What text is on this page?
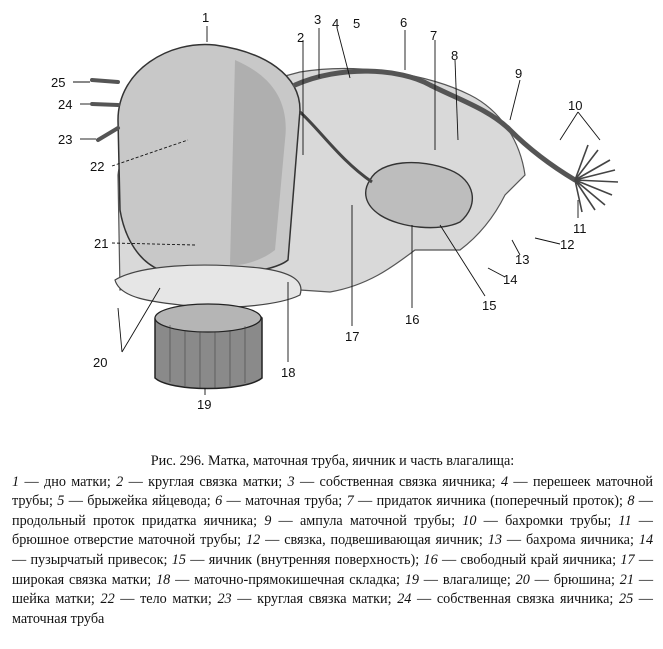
1
2
3 4 5	6
7
8
9
10
11
12
13
14
15
16
17
18
19
20
21
22
23
24
25
Рис. 296. Матка, маточная труба, яичник и часть влагалища:

1 — дно матки; 2 — круглая связка матки; 3 — собственная связка яичника; 4 — перешеек маточной трубы; 5 — брыжейка яйцевода; 6 — маточная труба; 7 — придаток яичника (поперечный проток); 8 — продольный проток придатка яичника; 9 — ампула маточной трубы; 10 — бахромки трубы; 11 — брюшное отверстие маточной трубы; 12 — связка, подвешивающая яичник; 13 — бахрома яичника; 14 — пузырчатый привесок; 15 — яичник (внутренняя поверхность); 16 — свободный край яичника; 17 — широкая связка матки; 18 — маточно-прямокишечная складка; 19 — влагалище; 20 — брюшина; 21 — шейка матки; 22 — тело матки; 23 — круглая связка матки; 24 — собственная связка яичника; 25 — маточная труба
